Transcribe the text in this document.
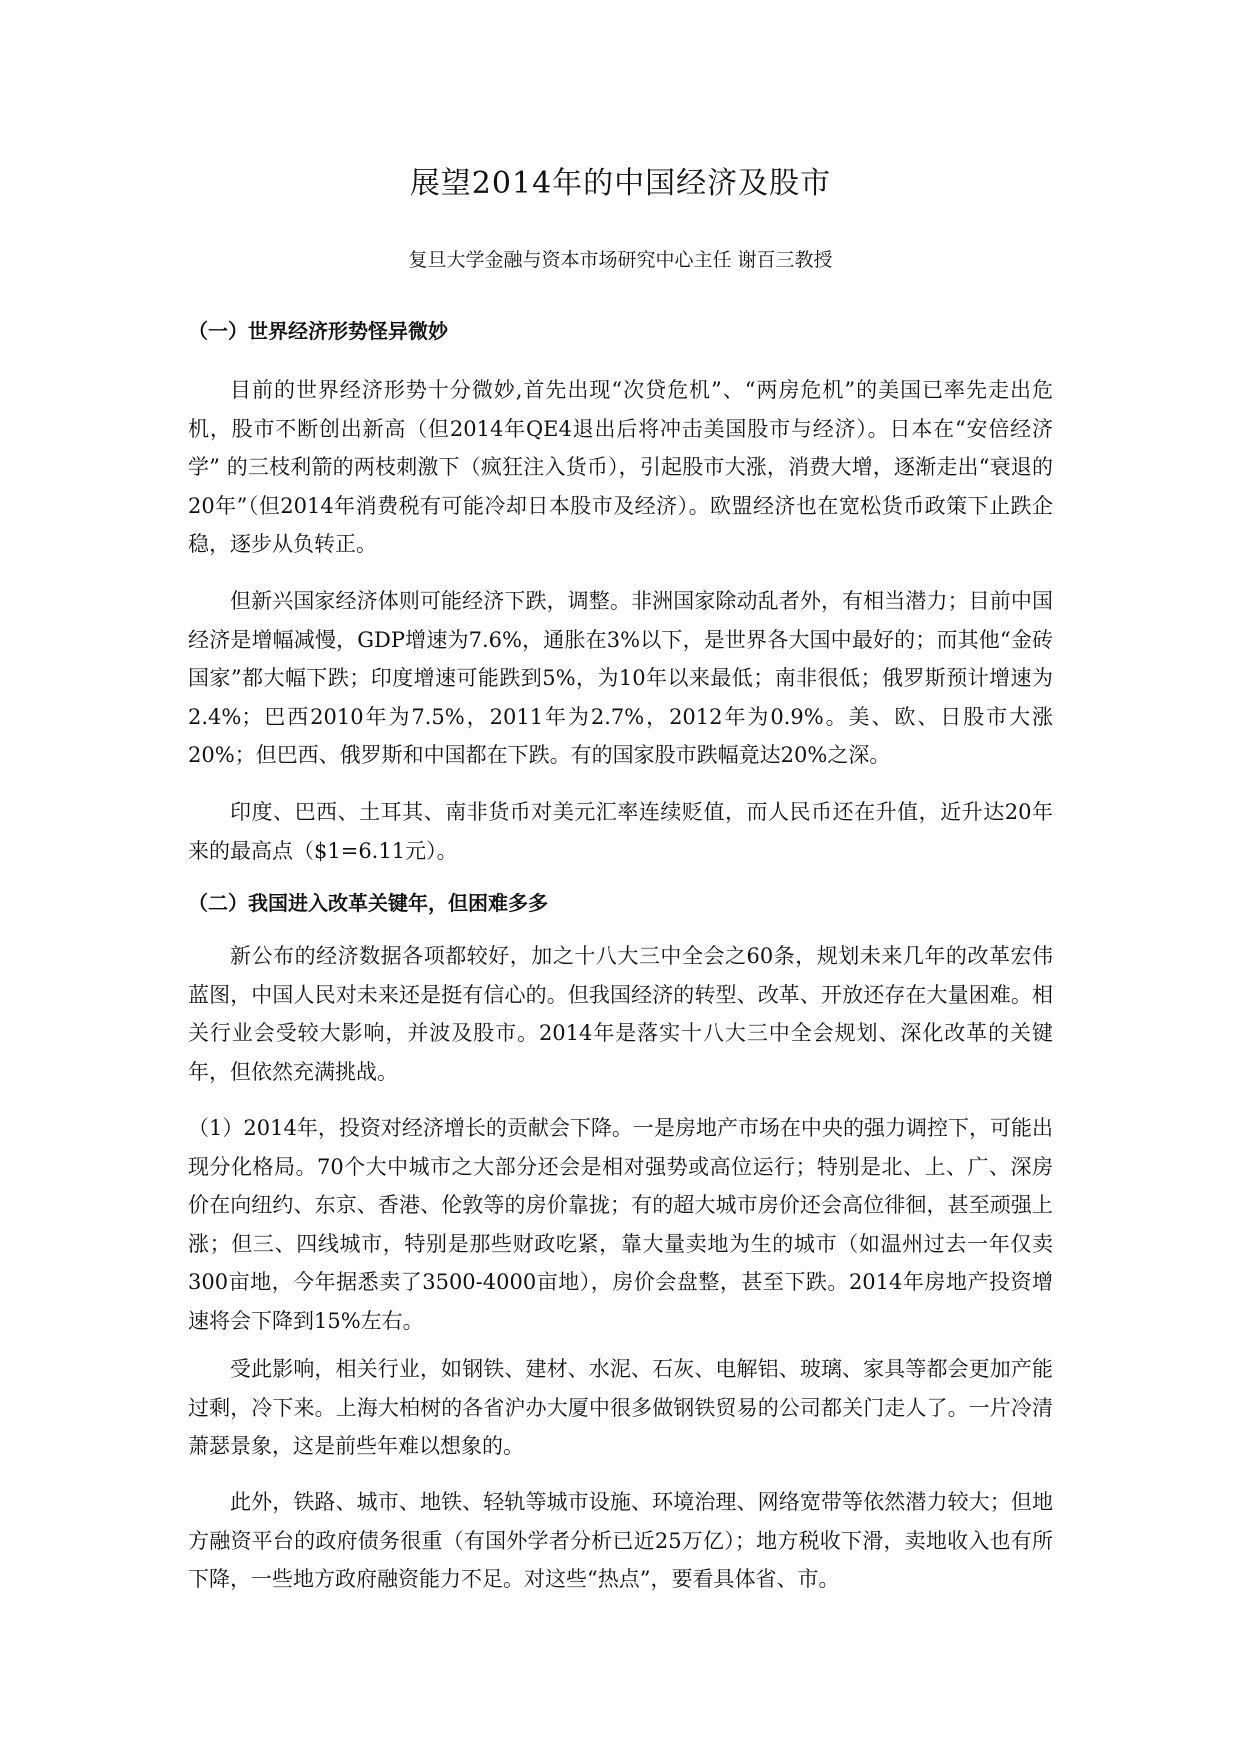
展望2014年的中国经济及股市

复旦大学金融与资本市场研究中心主任 谢百三教授

（一）世界经济形势怪异微妙

目前的世界经济形势十分微妙,首先出现“次贷危机”、“两房危机”的美国已率先走出危机，股市不断创出新高（但2014年QE4退出后将冲击美国股市与经济）。日本在“安倍经济学” 的三枝利箭的两枝刺激下（疯狂注入货币），引起股市大涨，消费大增，逐渐走出“衰退的20年”（但2014年消费税有可能冷却日本股市及经济）。欧盟经济也在宽松货币政策下止跌企稳，逐步从负转正。

但新兴国家经济体则可能经济下跌，调整。非洲国家除动乱者外，有相当潜力；目前中国经济是增幅减慢，GDP增速为7.6%，通胀在3%以下，是世界各大国中最好的；而其他“金砖国家”都大幅下跌；印度增速可能跌到5%，为10年以来最低；南非很低；俄罗斯预计增速为2.4%；巴西2010年为7.5%，2011年为2.7%，2012年为0.9%。美、欧、日股市大涨20%；但巴西、俄罗斯和中国都在下跌。有的国家股市跌幅竟达20%之深。

印度、巴西、土耳其、南非货币对美元汇率连续贬值，而人民币还在升值，近升达20年来的最高点（$1=6.11元）。

（二）我国进入改革关键年，但困难多多

新公布的经济数据各项都较好，加之十八大三中全会之60条，规划未来几年的改革宏伟蓝图，中国人民对未来还是挺有信心的。但我国经济的转型、改革、开放还存在大量困难。相关行业会受较大影响，并波及股市。2014年是落实十八大三中全会规划、深化改革的关键年，但依然充满挑战。

（1）2014年，投资对经济增长的贡献会下降。一是房地产市场在中央的强力调控下，可能出现分化格局。70个大中城市之大部分还会是相对强势或高位运行；特别是北、上、广、深房价在向纽约、东京、香港、伦敦等的房价靠拢；有的超大城市房价还会高位徘徊，甚至顽强上涨；但三、四线城市，特别是那些财政吃紧，靠大量卖地为生的城市（如温州过去一年仅卖300亩地，今年据悉卖了3500-4000亩地），房价会盘整，甚至下跌。2014年房地产投资增速将会下降到15%左右。

受此影响，相关行业，如钢铁、建材、水泥、石灰、电解铝、玻璃、家具等都会更加产能过剩，冷下来。上海大柏树的各省沪办大厦中很多做钢铁贸易的公司都关门走人了。一片冷清萧瑟景象，这是前些年难以想象的。

此外，铁路、城市、地铁、轻轨等城市设施、环境治理、网络宽带等依然潜力较大；但地方融资平台的政府债务很重（有国外学者分析已近25万亿）；地方税收下滑，卖地收入也有所下降，一些地方政府融资能力不足。对这些“热点”，要看具体省、市。
